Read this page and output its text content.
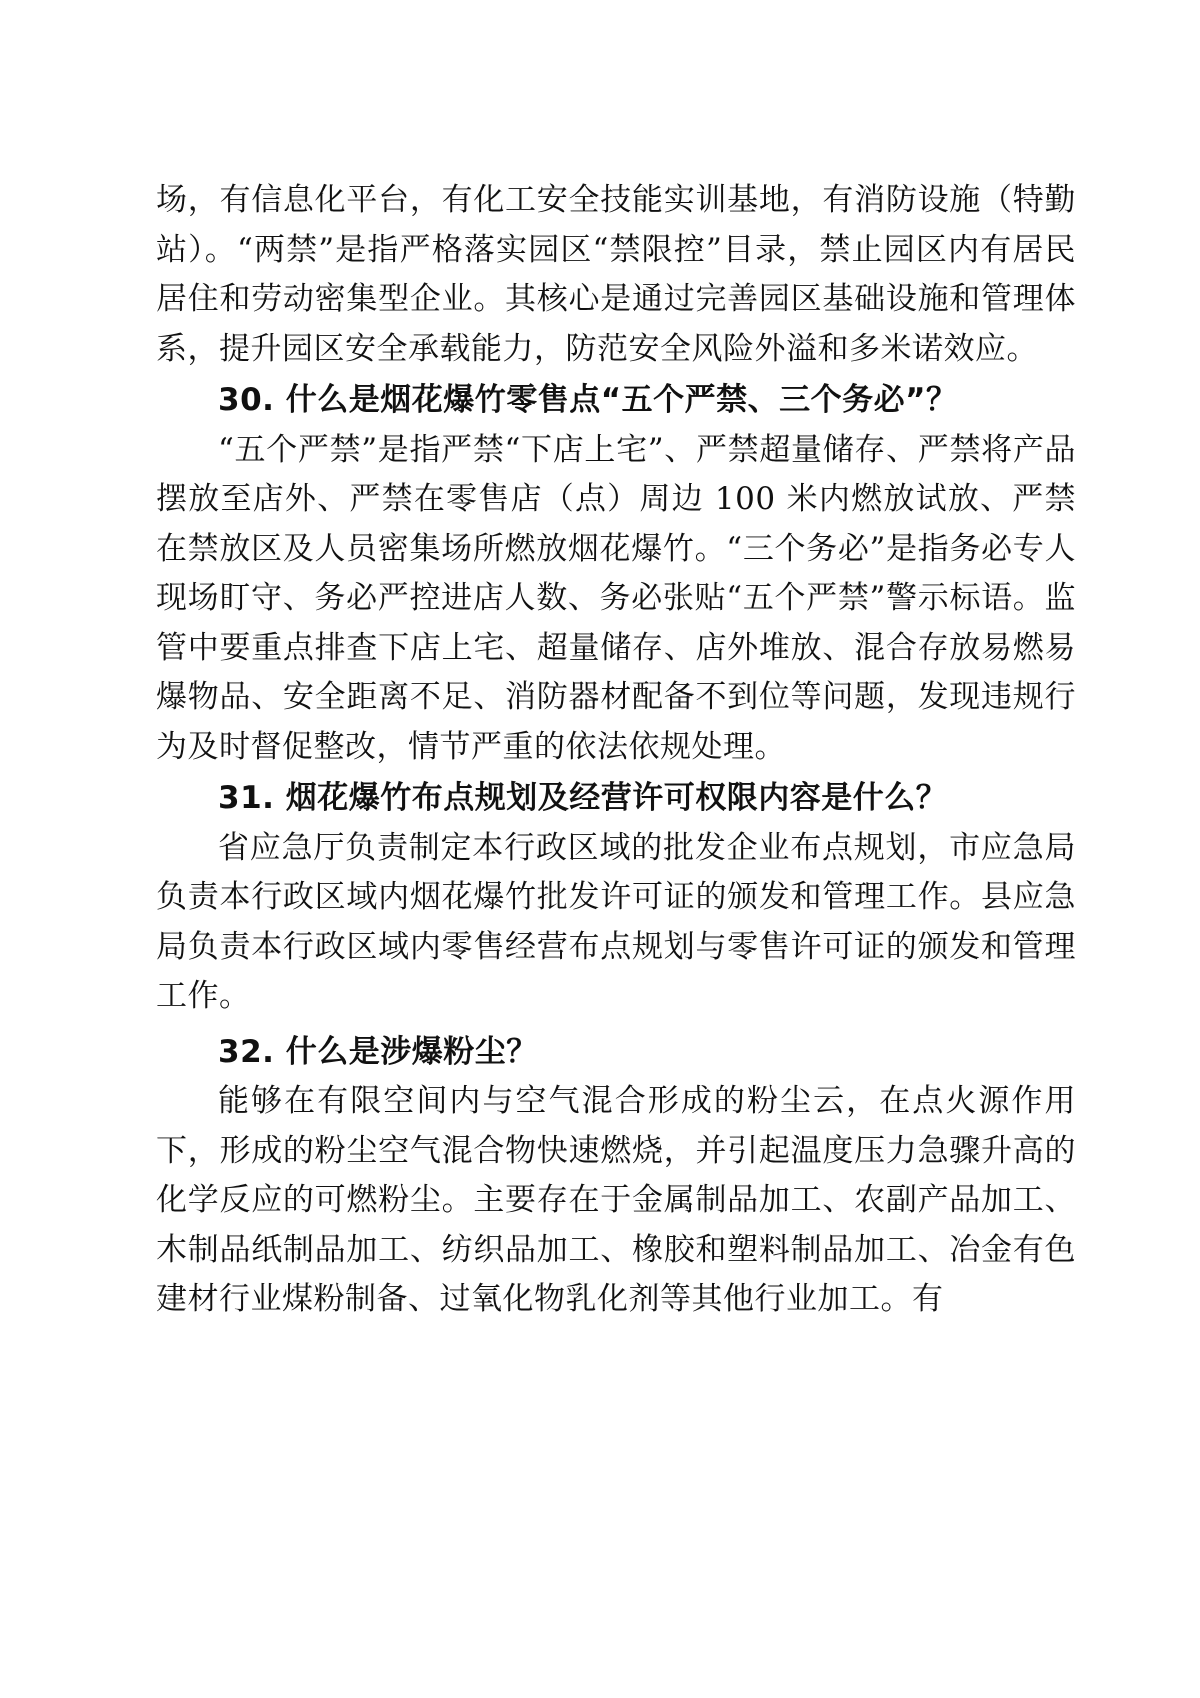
场，有信息化平台，有化工安全技能实训基地，有消防设施（特勤站）。“两禁”是指严格落实园区“禁限控”目录，禁止园区内有居民居住和劳动密集型企业。其核心是通过完善园区基础设施和管理体系，提升园区安全承载能力，防范安全风险外溢和多米诺效应。

30. 什么是烟花爆竹零售点“五个严禁、三个务必”？

“五个严禁”是指严禁“下店上宅”、严禁超量储存、严禁将产品摆放至店外、严禁在零售店（点）周边 100 米内燃放试放、严禁在禁放区及人员密集场所燃放烟花爆竹。“三个务必”是指务必专人现场盯守、务必严控进店人数、务必张贴“五个严禁”警示标语。监管中要重点排查下店上宅、超量储存、店外堆放、混合存放易燃易爆物品、安全距离不足、消防器材配备不到位等问题，发现违规行为及时督促整改，情节严重的依法依规处理。

31. 烟花爆竹布点规划及经营许可权限内容是什么？

省应急厅负责制定本行政区域的批发企业布点规划，市应急局负责本行政区域内烟花爆竹批发许可证的颁发和管理工作。县应急局负责本行政区域内零售经营布点规划与零售许可证的颁发和管理工作。

32. 什么是涉爆粉尘？

能够在有限空间内与空气混合形成的粉尘云，在点火源作用下，形成的粉尘空气混合物快速燃烧，并引起温度压力急骤升高的化学反应的可燃粉尘。主要存在于金属制品加工、农副产品加工、木制品纸制品加工、纺织品加工、橡胶和塑料制品加工、冶金有色建材行业煤粉制备、过氧化物乳化剂等其他行业加工。有
